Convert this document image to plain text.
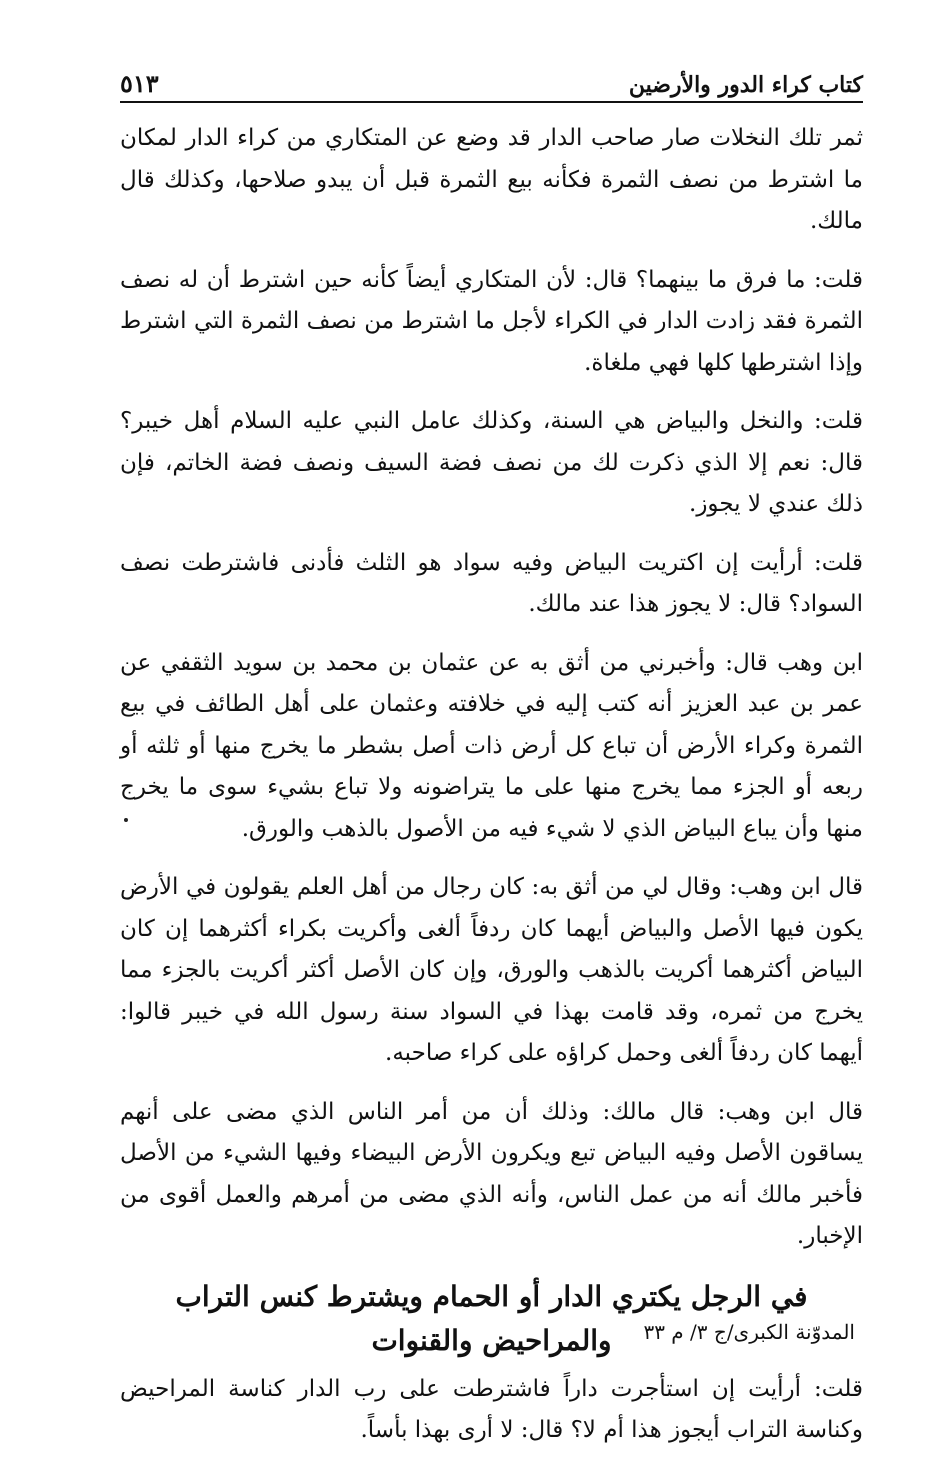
كتاب كراء الدور والأرضين
٥١٣

ثمر تلك النخلات صار صاحب الدار قد وضع عن المتكاري من كراء الدار لمكان ما اشترط من نصف الثمرة فكأنه بيع الثمرة قبل أن يبدو صلاحها، وكذلك قال مالك.

قلت: ما فرق ما بينهما؟ قال: لأن المتكاري أيضاً كأنه حين اشترط أن له نصف الثمرة فقد زادت الدار في الكراء لأجل ما اشترط من نصف الثمرة التي اشترط وإذا اشترطها كلها فهي ملغاة.

قلت: والنخل والبياض هي السنة، وكذلك عامل النبي عليه السلام أهل خيبر؟ قال: نعم إلا الذي ذكرت لك من نصف فضة السيف ونصف فضة الخاتم، فإن ذلك عندي لا يجوز.

قلت: أرأيت إن اكتريت البياض وفيه سواد هو الثلث فأدنى فاشترطت نصف السواد؟ قال: لا يجوز هذا عند مالك.

ابن وهب قال: وأخبرني من أثق به عن عثمان بن محمد بن سويد الثقفي عن عمر بن عبد العزيز أنه كتب إليه في خلافته وعثمان على أهل الطائف في بيع الثمرة وكراء الأرض أن تباع كل أرض ذات أصل بشطر ما يخرج منها أو ثلثه أو ربعه أو الجزء مما يخرج منها على ما يتراضونه ولا تباع بشيء سوى ما يخرج منها وأن يباع البياض الذي لا شيء فيه من الأصول بالذهب والورق.

قال ابن وهب: وقال لي من أثق به: كان رجال من أهل العلم يقولون في الأرض يكون فيها الأصل والبياض أيهما كان ردفاً ألغى وأكريت بكراء أكثرهما إن كان البياض أكثرهما أكريت بالذهب والورق، وإن كان الأصل أكثر أكريت بالجزء مما يخرج من ثمره، وقد قامت بهذا في السواد سنة رسول الله في خيبر قالوا: أيهما كان ردفاً ألغى وحمل كراؤه على كراء صاحبه.

قال ابن وهب: قال مالك: وذلك أن من أمر الناس الذي مضى على أنهم يساقون الأصل وفيه البياض تبع ويكرون الأرض البيضاء وفيها الشيء من الأصل فأخبر مالك أنه من عمل الناس، وأنه الذي مضى من أمرهم والعمل أقوى من الإخبار.

في الرجل يكتري الدار أو الحمام ويشترط كنس التراب
والمراحيض والقنوات

قلت: أرأيت إن استأجرت داراً فاشترطت على رب الدار كناسة المراحيض وكناسة التراب أيجوز هذا أم لا؟ قال: لا أرى بهذا بأساً.

المدوّنة الكبرى/ج ٣/ م ٣٣
